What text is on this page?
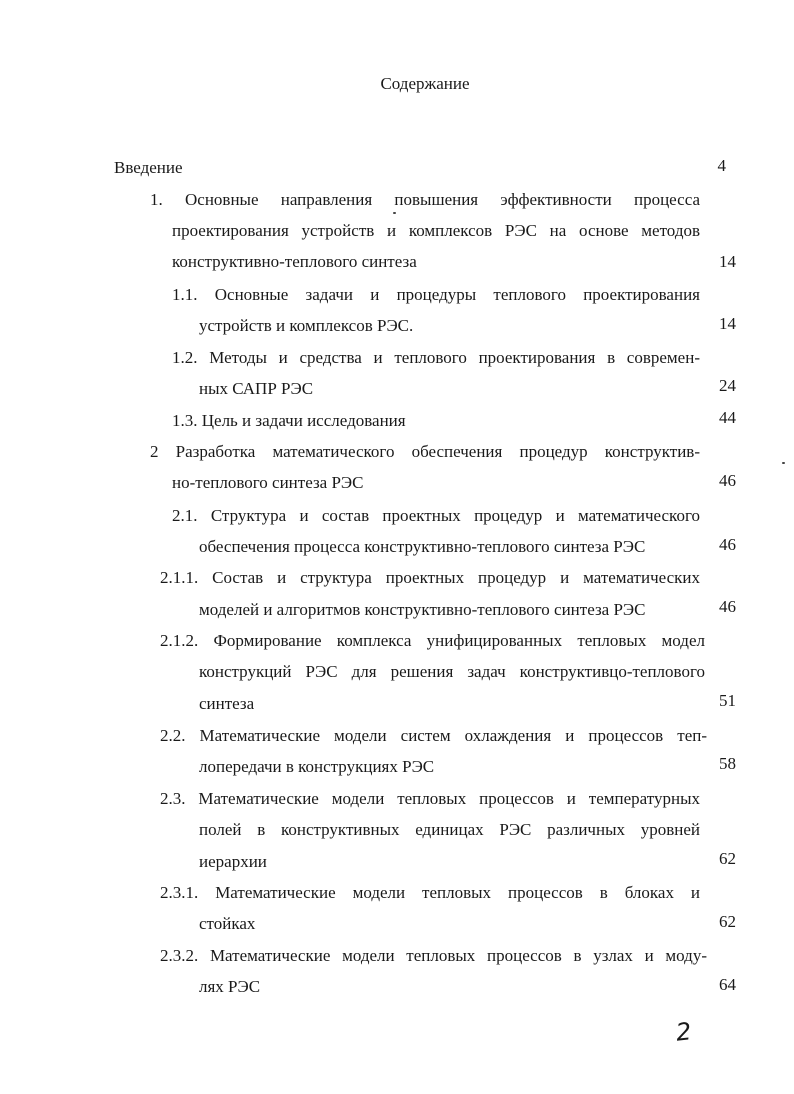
Содержание
Введение	4
1. Основные направления повышения эффективности процесса
проектирования устройств и комплексов РЭС на основе методов
конструктивно-теплового синтеза	14
1.1. Основные задачи и процедуры теплового проектирования
устройств и комплексов РЭС.	14
1.2. Методы и средства и теплового проектирования в современ-
ных САПР РЭС	24
1.3. Цель и задачи исследования	44
2 Разработка математического обеспечения процедур конструктив-
но-теплового синтеза РЭС	46
2.1. Структура и состав проектных процедур и математического
обеспечения процесса конструктивно-теплового синтеза РЭС	46
2.1.1. Состав и структура проектных процедур и математических
моделей и алгоритмов конструктивно-теплового синтеза РЭС	46
2.1.2. Формирование комплекса унифицированных тепловых модел
конструкций РЭС для решения задач конструктивцо-теплового
синтеза	51
2.2. Математические модели систем охлаждения и процессов теп-
лопередачи в конструкциях РЭС	58
2.3. Математические модели тепловых процессов и температурных
полей в конструктивных единицах РЭС различных уровней
иерархии	62
2.3.1. Математические модели тепловых процессов в блоках и
стойках	62
2.3.2. Математические модели тепловых процессов в узлах и моду-
лях РЭС	64
2
